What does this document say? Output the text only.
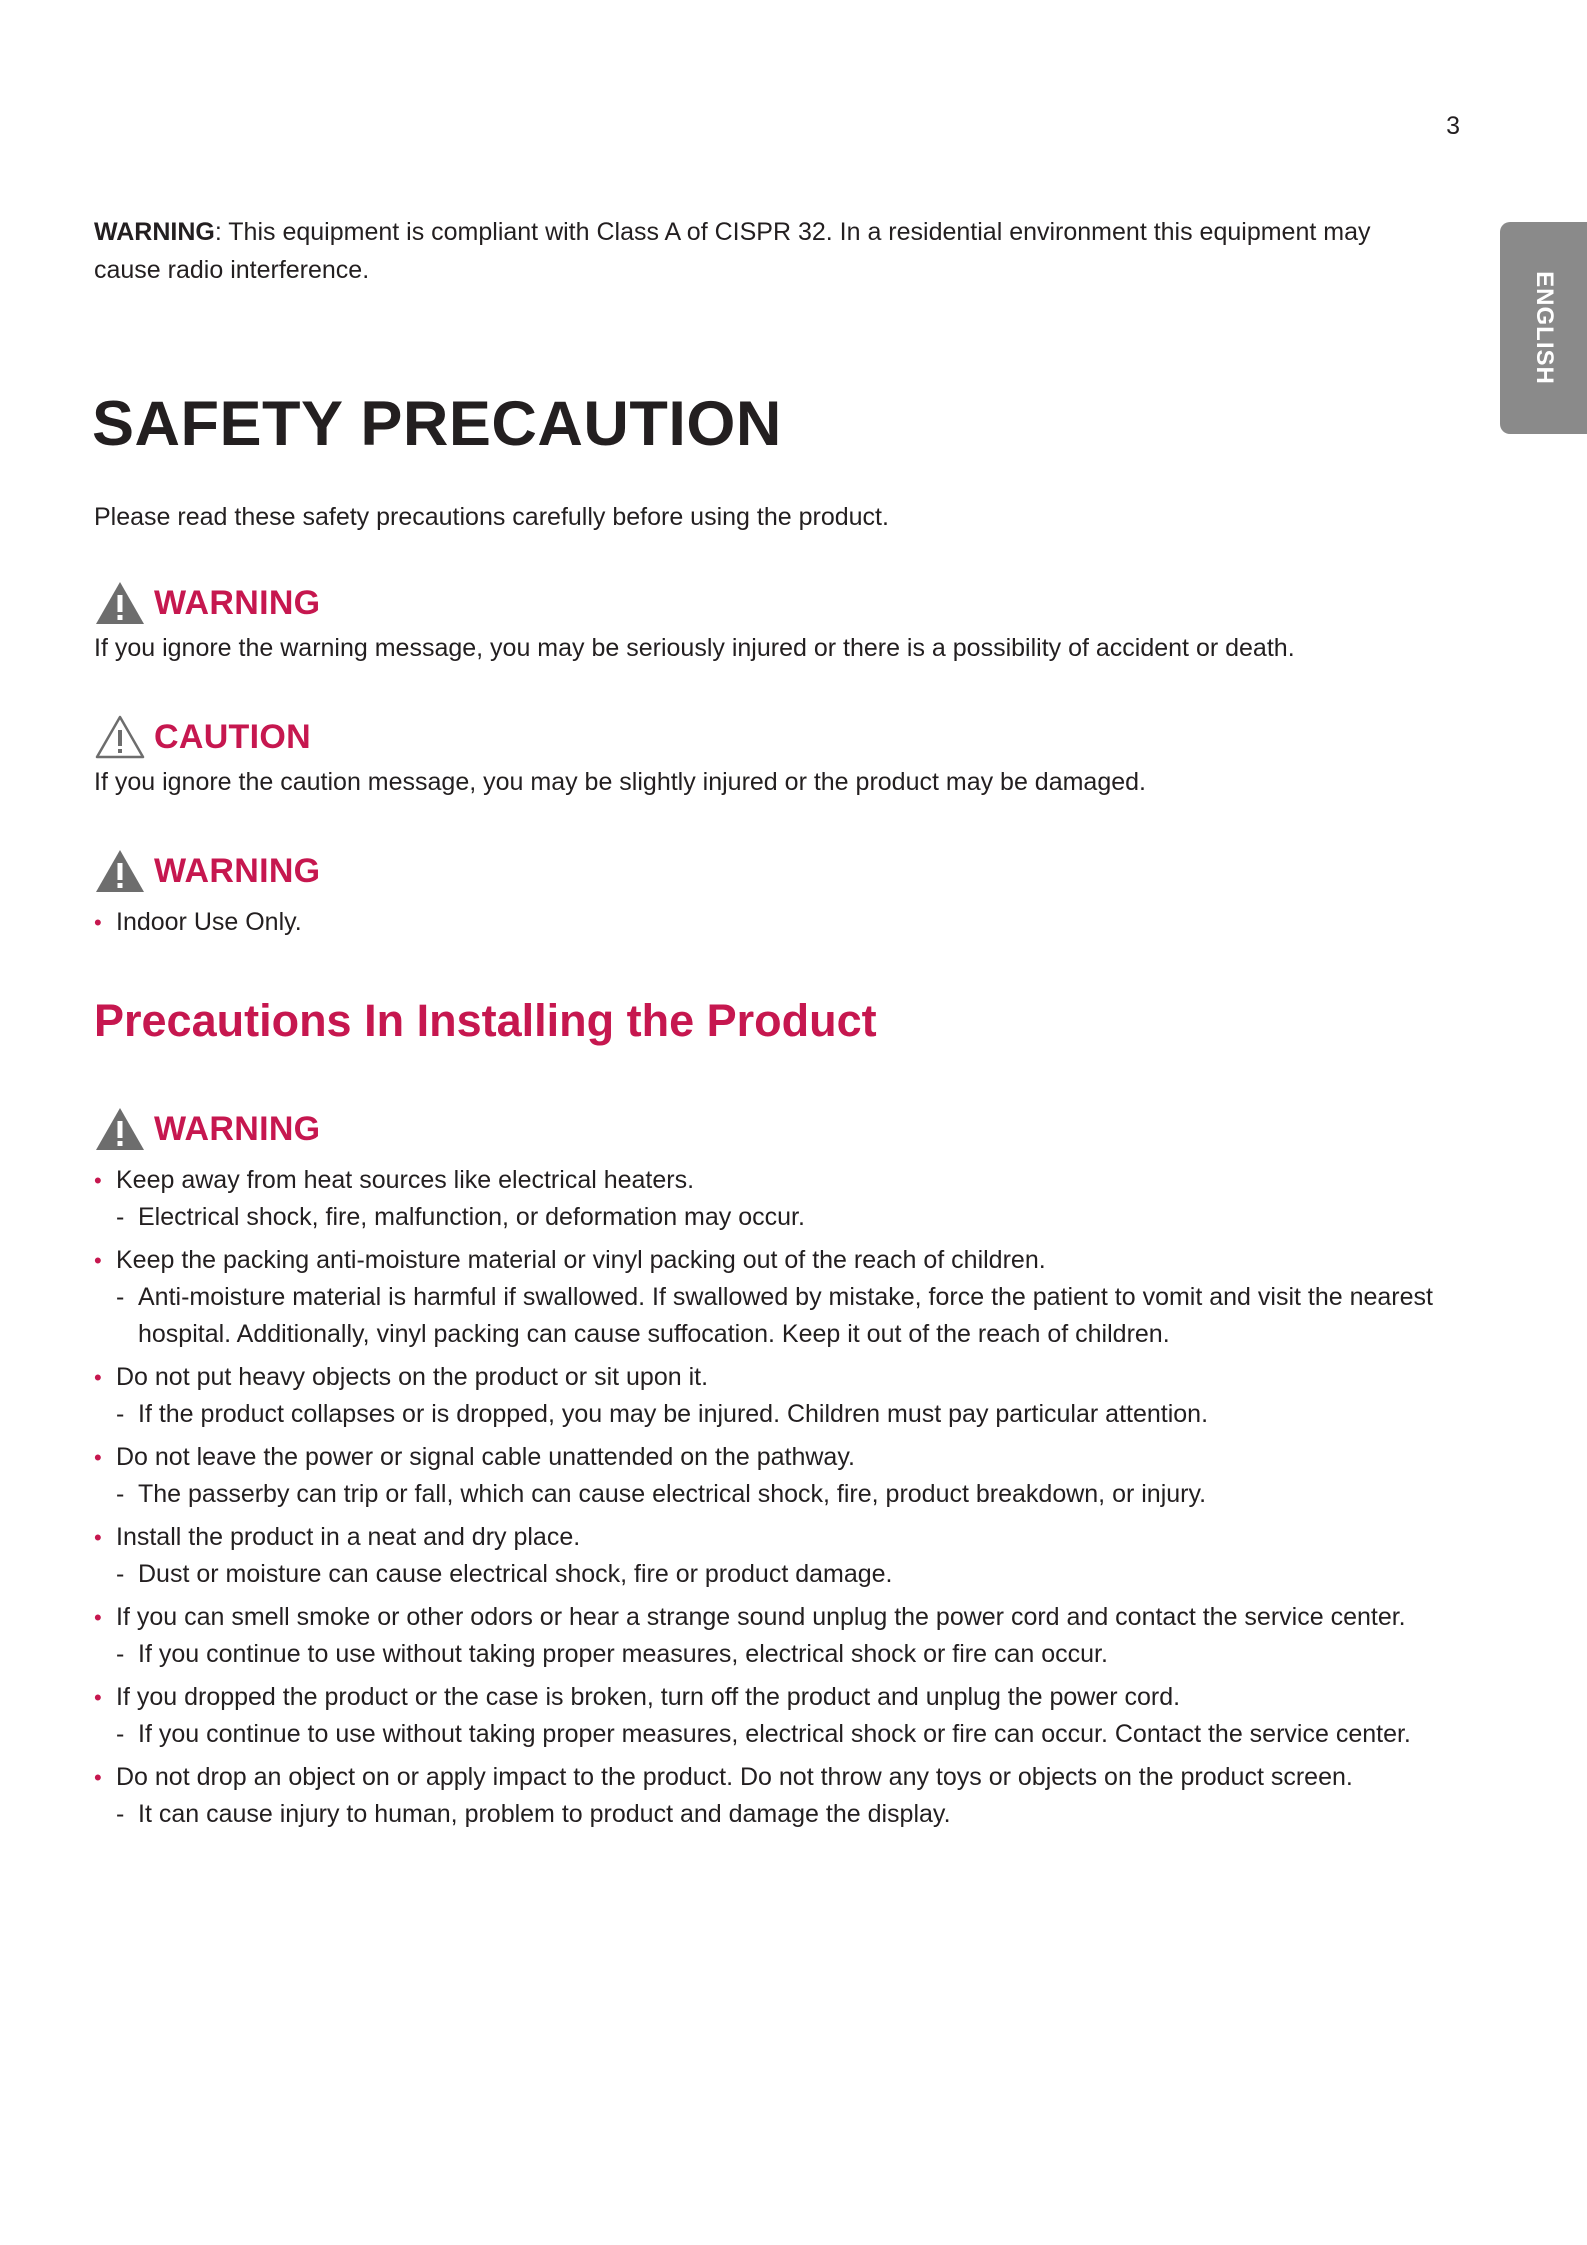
3
ENGLISH
WARNING: This equipment is compliant with Class A of CISPR 32. In a residential environment this equipment may cause radio interference.
SAFETY PRECAUTION
Please read these safety precautions carefully before using the product.
WARNING
If you ignore the warning message, you may be seriously injured or there is a possibility of accident or death.
CAUTION
If you ignore the caution message, you may be slightly injured or the product may be damaged.
WARNING
• Indoor Use Only.
Precautions In Installing the Product
WARNING
• Keep away from heat sources like electrical heaters.
- Electrical shock, fire, malfunction, or deformation may occur.
• Keep the packing anti-moisture material or vinyl packing out of the reach of children.
- Anti-moisture material is harmful if swallowed. If swallowed by mistake, force the patient to vomit and visit the nearest hospital. Additionally, vinyl packing can cause suffocation. Keep it out of the reach of children.
• Do not put heavy objects on the product or sit upon it.
- If the product collapses or is dropped, you may be injured. Children must pay particular attention.
• Do not leave the power or signal cable unattended on the pathway.
- The passerby can trip or fall, which can cause electrical shock, fire, product breakdown, or injury.
• Install the product in a neat and dry place.
- Dust or moisture can cause electrical shock, fire or product damage.
• If you can smell smoke or other odors or hear a strange sound unplug the power cord and contact the service center.
- If you continue to use without taking proper measures, electrical shock or fire can occur.
• If you dropped the product or the case is broken, turn off the product and unplug the power cord.
- If you continue to use without taking proper measures, electrical shock or fire can occur. Contact the service center.
• Do not drop an object on or apply impact to the product. Do not throw any toys or objects on the product screen.
- It can cause injury to human, problem to product and damage the display.
